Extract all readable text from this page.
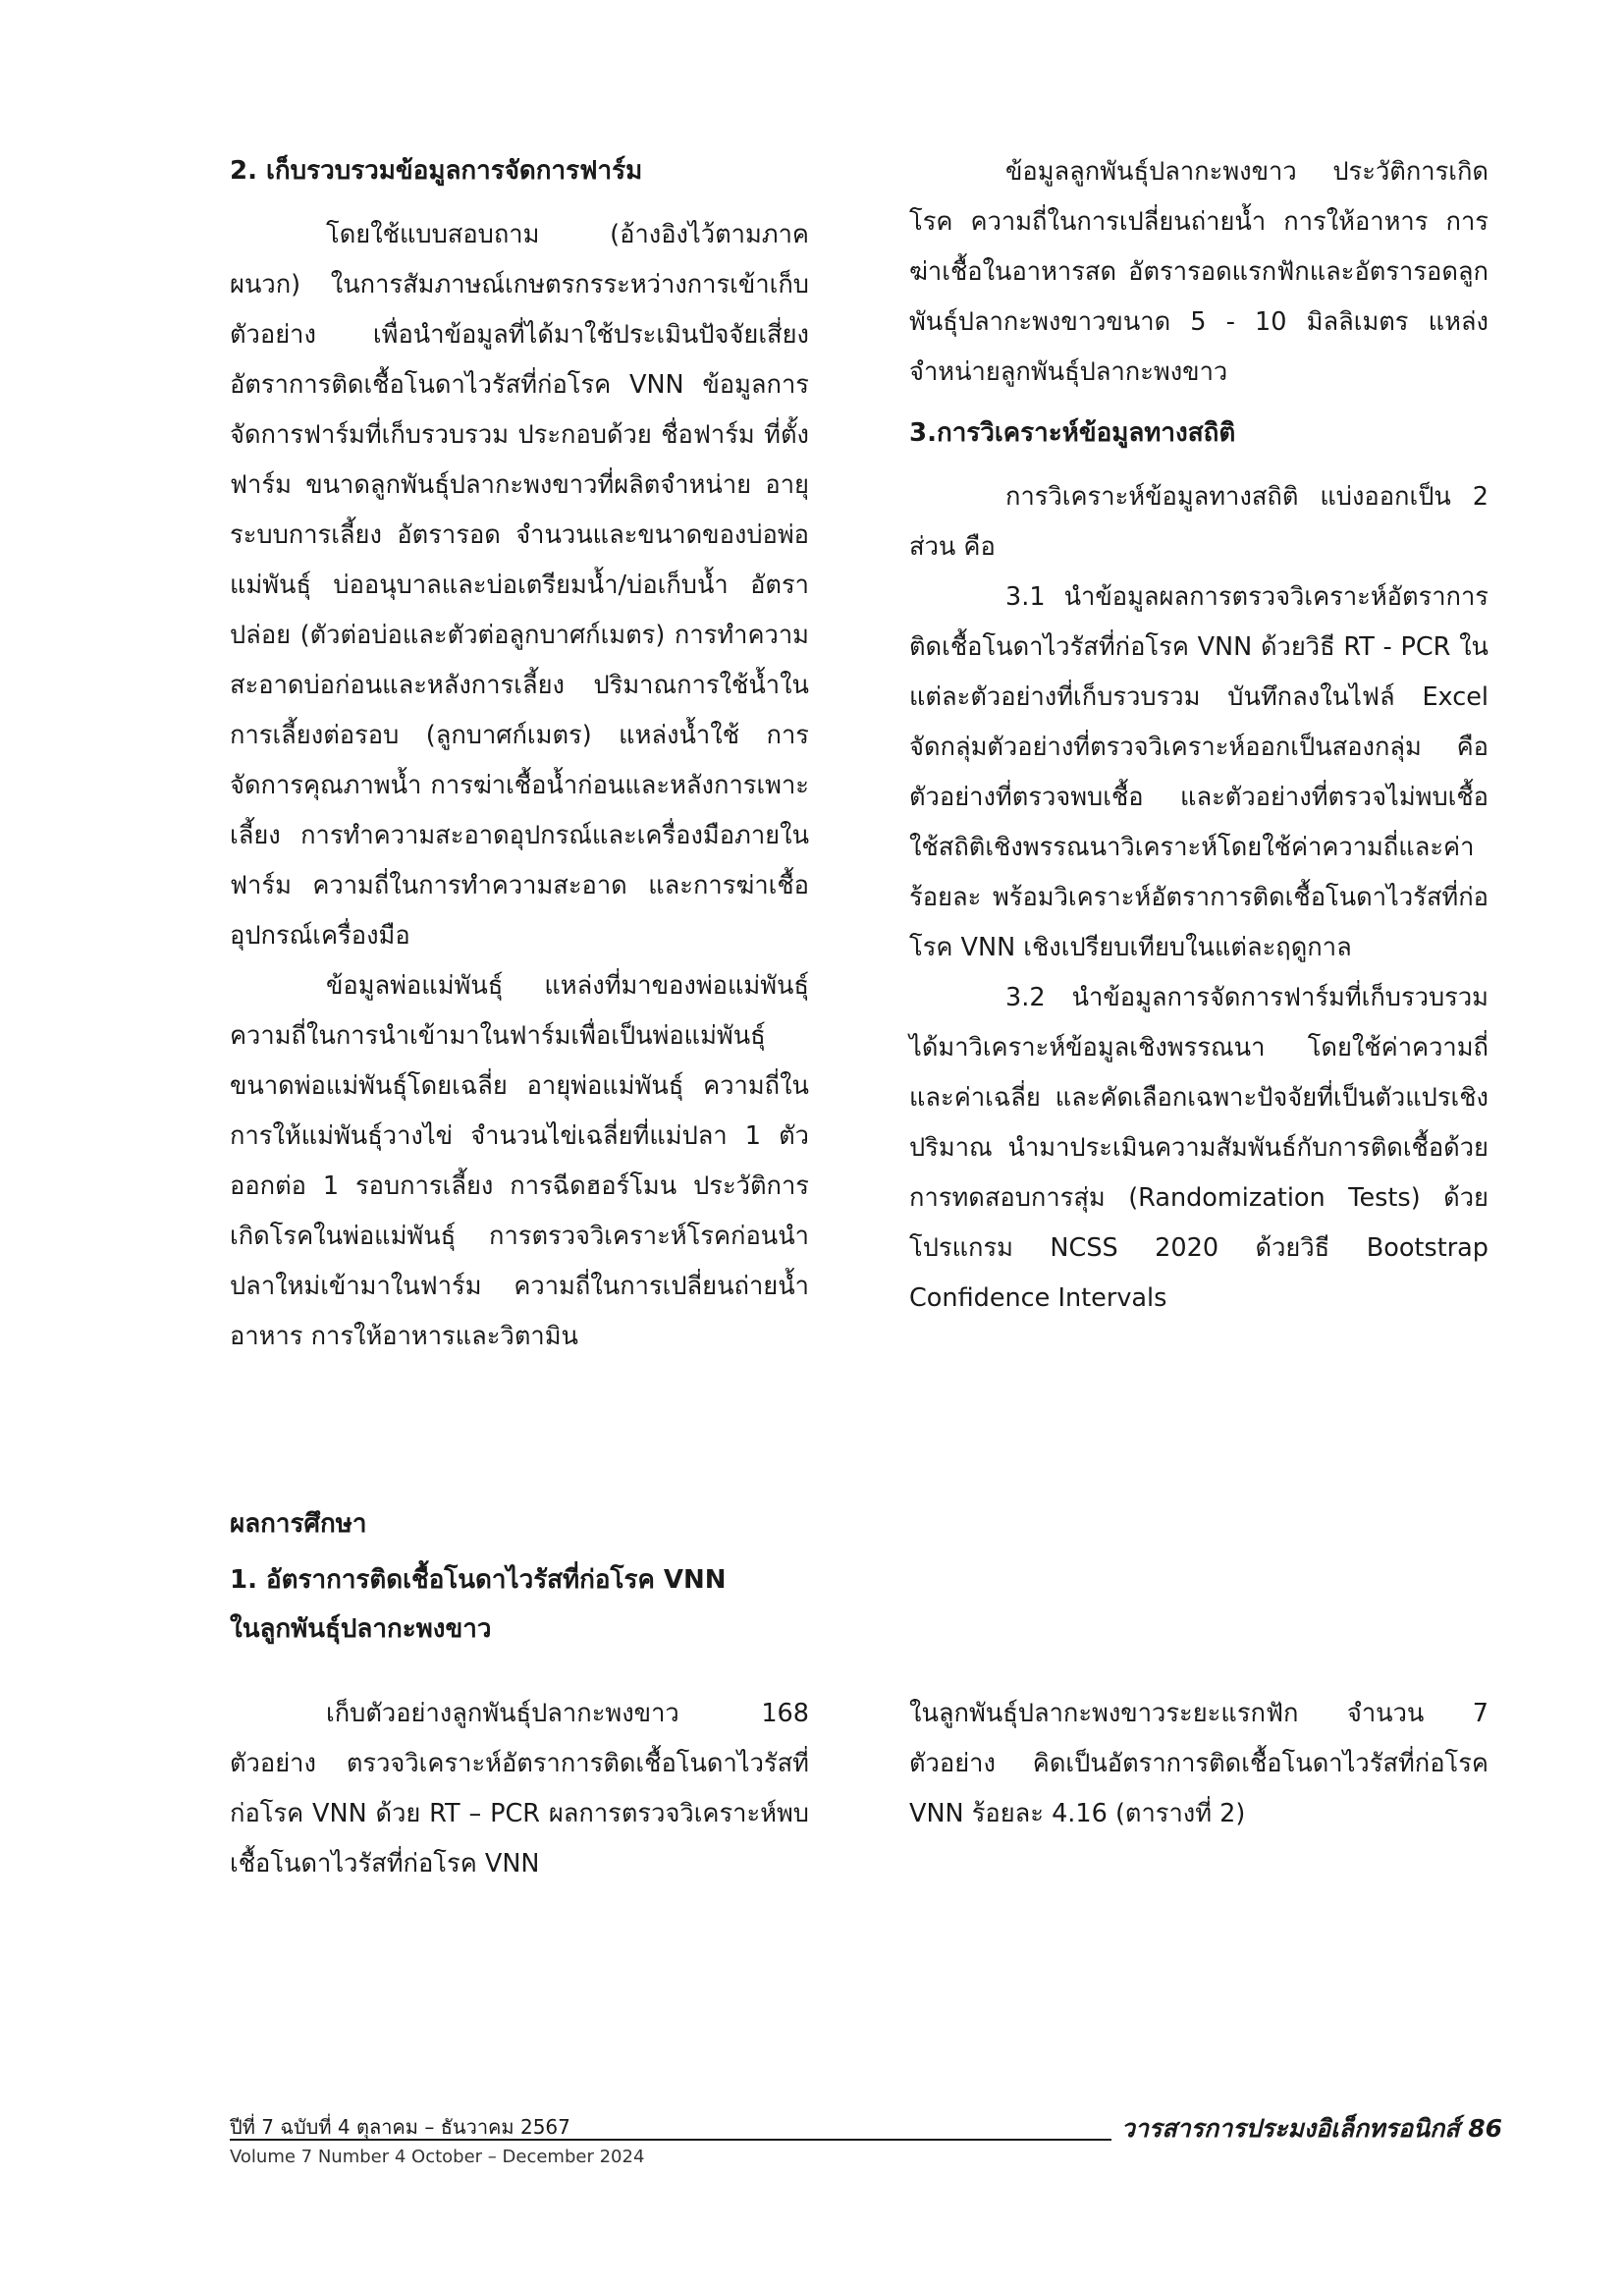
2. เก็บรวบรวมข้อมูลการจัดการฟาร์ม

โดยใช้แบบสอบถาม (อ้างอิงไว้ตามภาคผนวก) ในการสัมภาษณ์เกษตรกรระหว่างการเข้าเก็บตัวอย่าง เพื่อนำข้อมูลที่ได้มาใช้ประเมินปัจจัยเสี่ยงอัตราการติดเชื้อโนดาไวรัสที่ก่อโรค VNN ข้อมูลการจัดการฟาร์มที่เก็บรวบรวม ประกอบด้วย ชื่อฟาร์ม ที่ตั้งฟาร์ม ขนาดลูกพันธุ์ปลากะพงขาวที่ผลิตจำหน่าย อายุ ระบบการเลี้ยง อัตรารอด จำนวนและขนาดของบ่อพ่อแม่พันธุ์ บ่ออนุบาลและบ่อเตรียมน้ำ/บ่อเก็บน้ำ อัตราปล่อย (ตัวต่อบ่อและตัวต่อลูกบาศก์เมตร) การทำความสะอาดบ่อก่อนและหลังการเลี้ยง ปริมาณการใช้น้ำในการเลี้ยงต่อรอบ (ลูกบาศก์เมตร) แหล่งน้ำใช้ การจัดการคุณภาพน้ำ การฆ่าเชื้อน้ำก่อนและหลังการเพาะเลี้ยง การทำความสะอาดอุปกรณ์และเครื่องมือภายในฟาร์ม ความถี่ในการทำความสะอาด และการฆ่าเชื้ออุปกรณ์เครื่องมือ

ข้อมูลพ่อแม่พันธุ์ แหล่งที่มาของพ่อแม่พันธุ์ ความถี่ในการนำเข้ามาในฟาร์มเพื่อเป็นพ่อแม่พันธุ์ ขนาดพ่อแม่พันธุ์โดยเฉลี่ย อายุพ่อแม่พันธุ์ ความถี่ในการให้แม่พันธุ์วางไข่ จำนวนไข่เฉลี่ยที่แม่ปลา 1 ตัวออกต่อ 1 รอบการเลี้ยง การฉีดฮอร์โมน ประวัติการเกิดโรคในพ่อแม่พันธุ์ การตรวจวิเคราะห์โรคก่อนนำปลาใหม่เข้ามาในฟาร์ม ความถี่ในการเปลี่ยนถ่ายน้ำ อาหาร การให้อาหารและวิตามิน

ข้อมูลลูกพันธุ์ปลากะพงขาว ประวัติการเกิดโรค ความถี่ในการเปลี่ยนถ่ายน้ำ การให้อาหาร การฆ่าเชื้อในอาหารสด อัตรารอดแรกฟักและอัตรารอดลูกพันธุ์ปลากะพงขาวขนาด 5 - 10 มิลลิเมตร แหล่งจำหน่ายลูกพันธุ์ปลากะพงขาว

3.การวิเคราะห์ข้อมูลทางสถิติ

การวิเคราะห์ข้อมูลทางสถิติ แบ่งออกเป็น 2 ส่วน คือ

3.1 นำข้อมูลผลการตรวจวิเคราะห์อัตราการติดเชื้อโนดาไวรัสที่ก่อโรค VNN ด้วยวิธี RT - PCR ในแต่ละตัวอย่างที่เก็บรวบรวม บันทึกลงในไฟล์ Excel จัดกลุ่มตัวอย่างที่ตรวจวิเคราะห์ออกเป็นสองกลุ่ม คือ ตัวอย่างที่ตรวจพบเชื้อ และตัวอย่างที่ตรวจไม่พบเชื้อ ใช้สถิติเชิงพรรณนาวิเคราะห์โดยใช้ค่าความถี่และค่าร้อยละ พร้อมวิเคราะห์อัตราการติดเชื้อโนดาไวรัสที่ก่อโรค VNN เชิงเปรียบเทียบในแต่ละฤดูกาล

3.2 นำข้อมูลการจัดการฟาร์มที่เก็บรวบรวมได้มาวิเคราะห์ข้อมูลเชิงพรรณนา โดยใช้ค่าความถี่และค่าเฉลี่ย และคัดเลือกเฉพาะปัจจัยที่เป็นตัวแปรเชิงปริมาณ นำมาประเมินความสัมพันธ์กับการติดเชื้อด้วยการทดสอบการสุ่ม (Randomization Tests) ด้วยโปรแกรม NCSS 2020 ด้วยวิธี Bootstrap Confidence Intervals

ผลการศึกษา
1. อัตราการติดเชื้อโนดาไวรัสที่ก่อโรค VNN
ในลูกพันธุ์ปลากะพงขาว

เก็บตัวอย่างลูกพันธุ์ปลากะพงขาว 168 ตัวอย่าง ตรวจวิเคราะห์อัตราการติดเชื้อโนดาไวรัสที่ก่อโรค VNN ด้วย RT – PCR ผลการตรวจวิเคราะห์พบเชื้อโนดาไวรัสที่ก่อโรค VNN

ในลูกพันธุ์ปลากะพงขาวระยะแรกฟัก จำนวน 7 ตัวอย่าง คิดเป็นอัตราการติดเชื้อโนดาไวรัสที่ก่อโรค VNN ร้อยละ 4.16 (ตารางที่ 2)

ปีที่ 7 ฉบับที่ 4 ตุลาคม – ธันวาคม 2567
Volume 7 Number 4 October – December 2024
วารสารการประมงอิเล็กทรอนิกส์ 86
